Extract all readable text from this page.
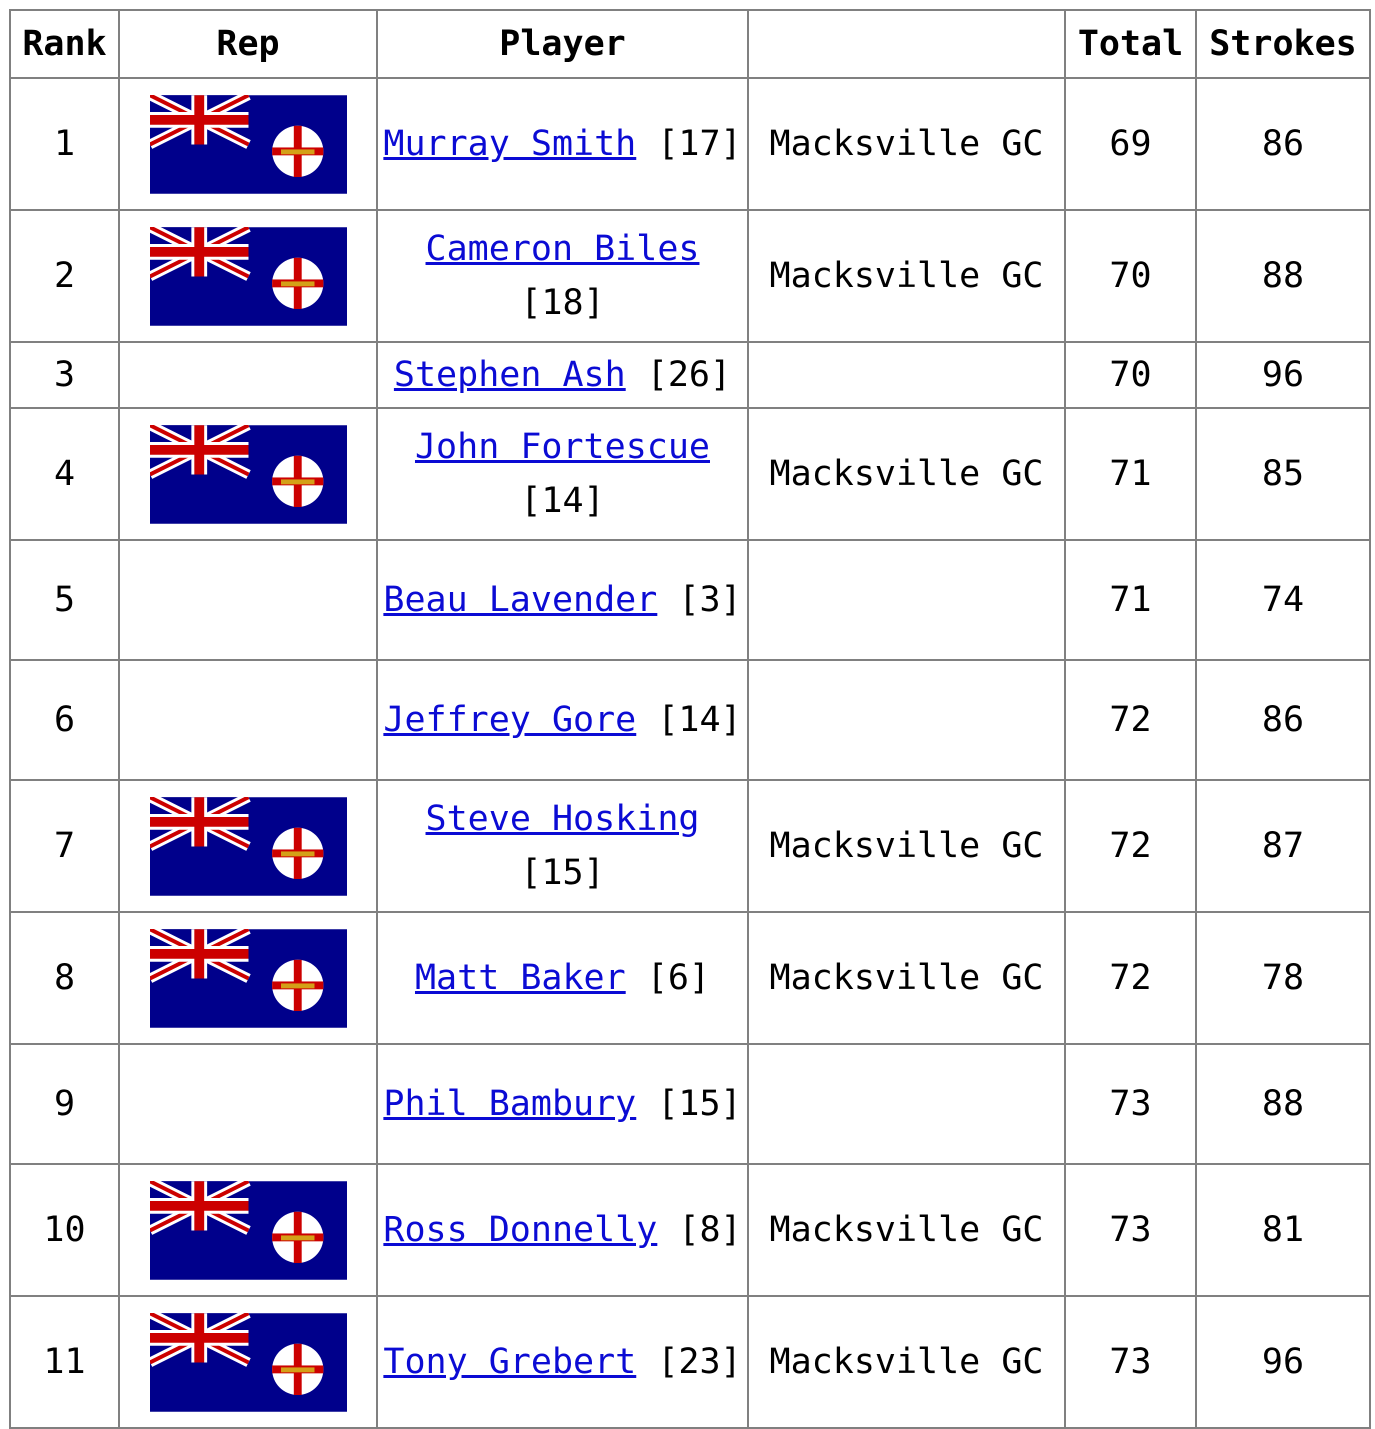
Rank	Rep	Player		Total	Strokes
1		Murray Smith [17]	Macksville GC	69	86
2		Cameron Biles [18]	Macksville GC	70	88
3		Stephen Ash [26]		70	96
4		John Fortescue [14]	Macksville GC	71	85
5		Beau Lavender [3]		71	74
6		Jeffrey Gore [14]		72	86
7		Steve Hosking [15]	Macksville GC	72	87
8		Matt Baker [6]	Macksville GC	72	78
9		Phil Bambury [15]		73	88
10		Ross Donnelly [8]	Macksville GC	73	81
11		Tony Grebert [23]	Macksville GC	73	96
